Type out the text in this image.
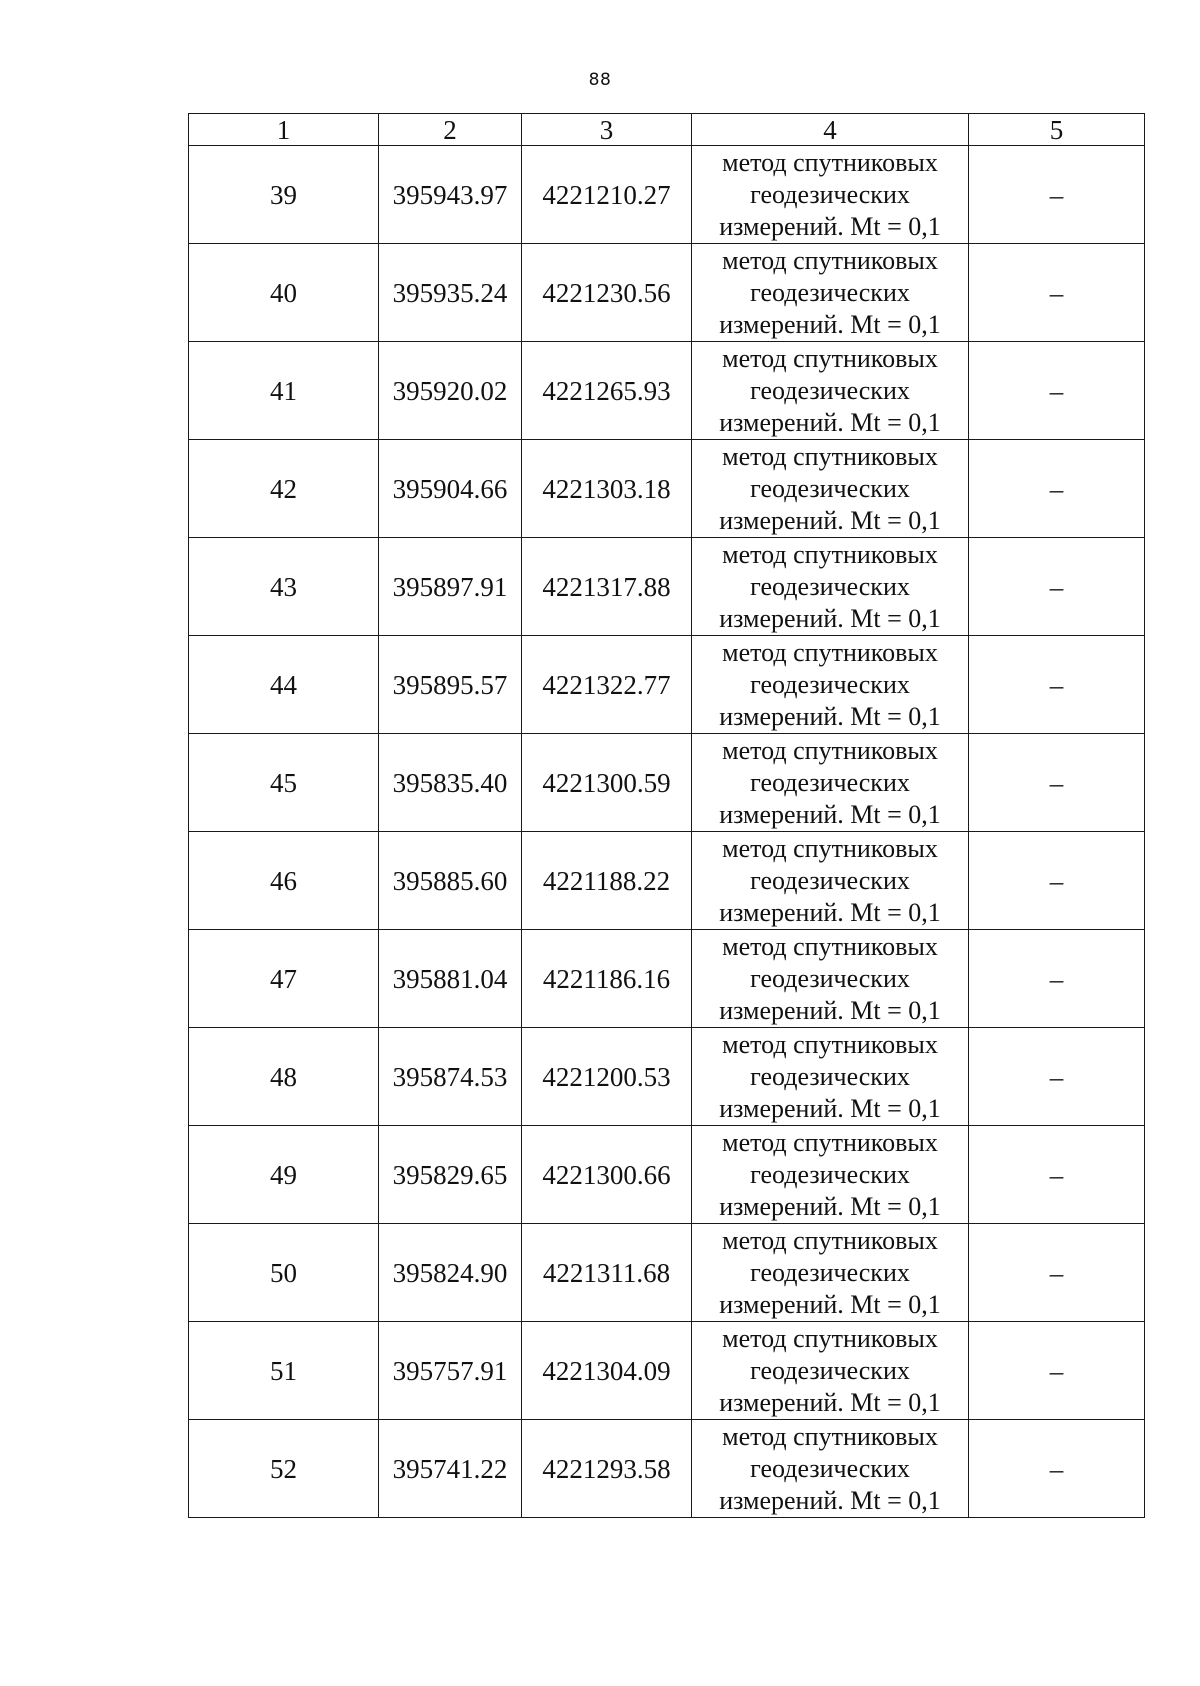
88
1	2	3	4	5
39	395943.97	4221210.27	метод спутниковых
геодезических
измерений. Mt = 0,1	–
40	395935.24	4221230.56	метод спутниковых
геодезических
измерений. Mt = 0,1	–
41	395920.02	4221265.93	метод спутниковых
геодезических
измерений. Mt = 0,1	–
42	395904.66	4221303.18	метод спутниковых
геодезических
измерений. Mt = 0,1	–
43	395897.91	4221317.88	метод спутниковых
геодезических
измерений. Mt = 0,1	–
44	395895.57	4221322.77	метод спутниковых
геодезических
измерений. Mt = 0,1	–
45	395835.40	4221300.59	метод спутниковых
геодезических
измерений. Mt = 0,1	–
46	395885.60	4221188.22	метод спутниковых
геодезических
измерений. Mt = 0,1	–
47	395881.04	4221186.16	метод спутниковых
геодезических
измерений. Mt = 0,1	–
48	395874.53	4221200.53	метод спутниковых
геодезических
измерений. Mt = 0,1	–
49	395829.65	4221300.66	метод спутниковых
геодезических
измерений. Mt = 0,1	–
50	395824.90	4221311.68	метод спутниковых
геодезических
измерений. Mt = 0,1	–
51	395757.91	4221304.09	метод спутниковых
геодезических
измерений. Mt = 0,1	–
52	395741.22	4221293.58	метод спутниковых
геодезических
измерений. Mt = 0,1	–
